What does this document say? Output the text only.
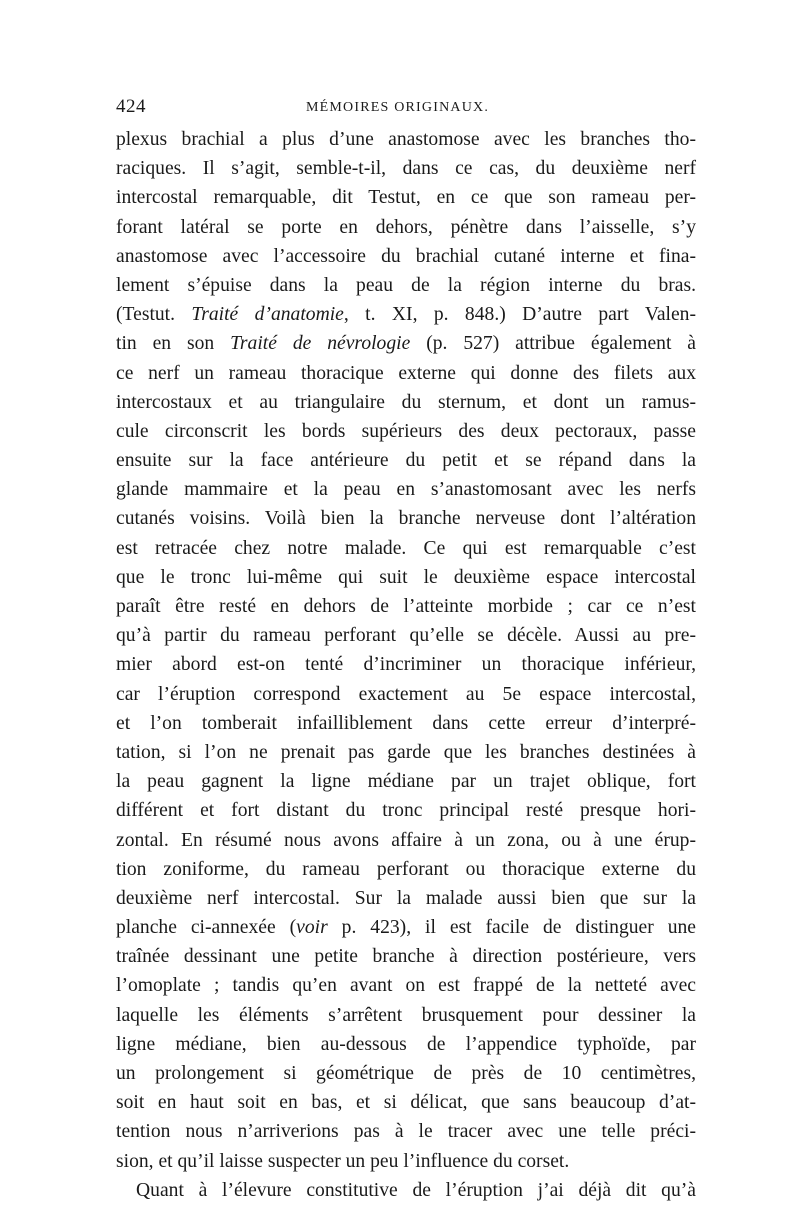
424	MÉMOIRES ORIGINAUX.
plexus brachial a plus d’une anastomose avec les branches tho-
raciques. Il s’agit, semble-t-il, dans ce cas, du deuxième nerf
intercostal remarquable, dit Testut, en ce que son rameau per-
forant latéral se porte en dehors, pénètre dans l’aisselle, s’y
anastomose avec l’accessoire du brachial cutané interne et fina-
lement s’épuise dans la peau de la région interne du bras.
(Testut. Traité d’anatomie, t. XI, p. 848.) D’autre part Valen-
tin en son Traité de névrologie (p. 527) attribue également à
ce nerf un rameau thoracique externe qui donne des filets aux
intercostaux et au triangulaire du sternum, et dont un ramus-
cule circonscrit les bords supérieurs des deux pectoraux, passe
ensuite sur la face antérieure du petit et se répand dans la
glande mammaire et la peau en s’anastomosant avec les nerfs
cutanés voisins. Voilà bien la branche nerveuse dont l’altération
est retracée chez notre malade. Ce qui est remarquable c’est
que le tronc lui-même qui suit le deuxième espace intercostal
paraît être resté en dehors de l’atteinte morbide ; car ce n’est
qu’à partir du rameau perforant qu’elle se décèle. Aussi au pre-
mier abord est-on tenté d’incriminer un thoracique inférieur,
car l’éruption correspond exactement au 5e espace intercostal,
et l’on tomberait infailliblement dans cette erreur d’interpré-
tation, si l’on ne prenait pas garde que les branches destinées à
la peau gagnent la ligne médiane par un trajet oblique, fort
différent et fort distant du tronc principal resté presque hori-
zontal. En résumé nous avons affaire à un zona, ou à une érup-
tion zoniforme, du rameau perforant ou thoracique externe du
deuxième nerf intercostal. Sur la malade aussi bien que sur la
planche ci-annexée (voir p. 423), il est facile de distinguer une
traînée dessinant une petite branche à direction postérieure, vers
l’omoplate ; tandis qu’en avant on est frappé de la netteté avec
laquelle les éléments s’arrêtent brusquement pour dessiner la
ligne médiane, bien au-dessous de l’appendice typhoïde, par
un prolongement si géométrique de près de 10 centimètres,
soit en haut soit en bas, et si délicat, que sans beaucoup d’at-
tention nous n’arriverions pas à le tracer avec une telle préci-
sion, et qu’il laisse suspecter un peu l’influence du corset.
Quant à l’élevure constitutive de l’éruption j’ai déjà dit qu’à
